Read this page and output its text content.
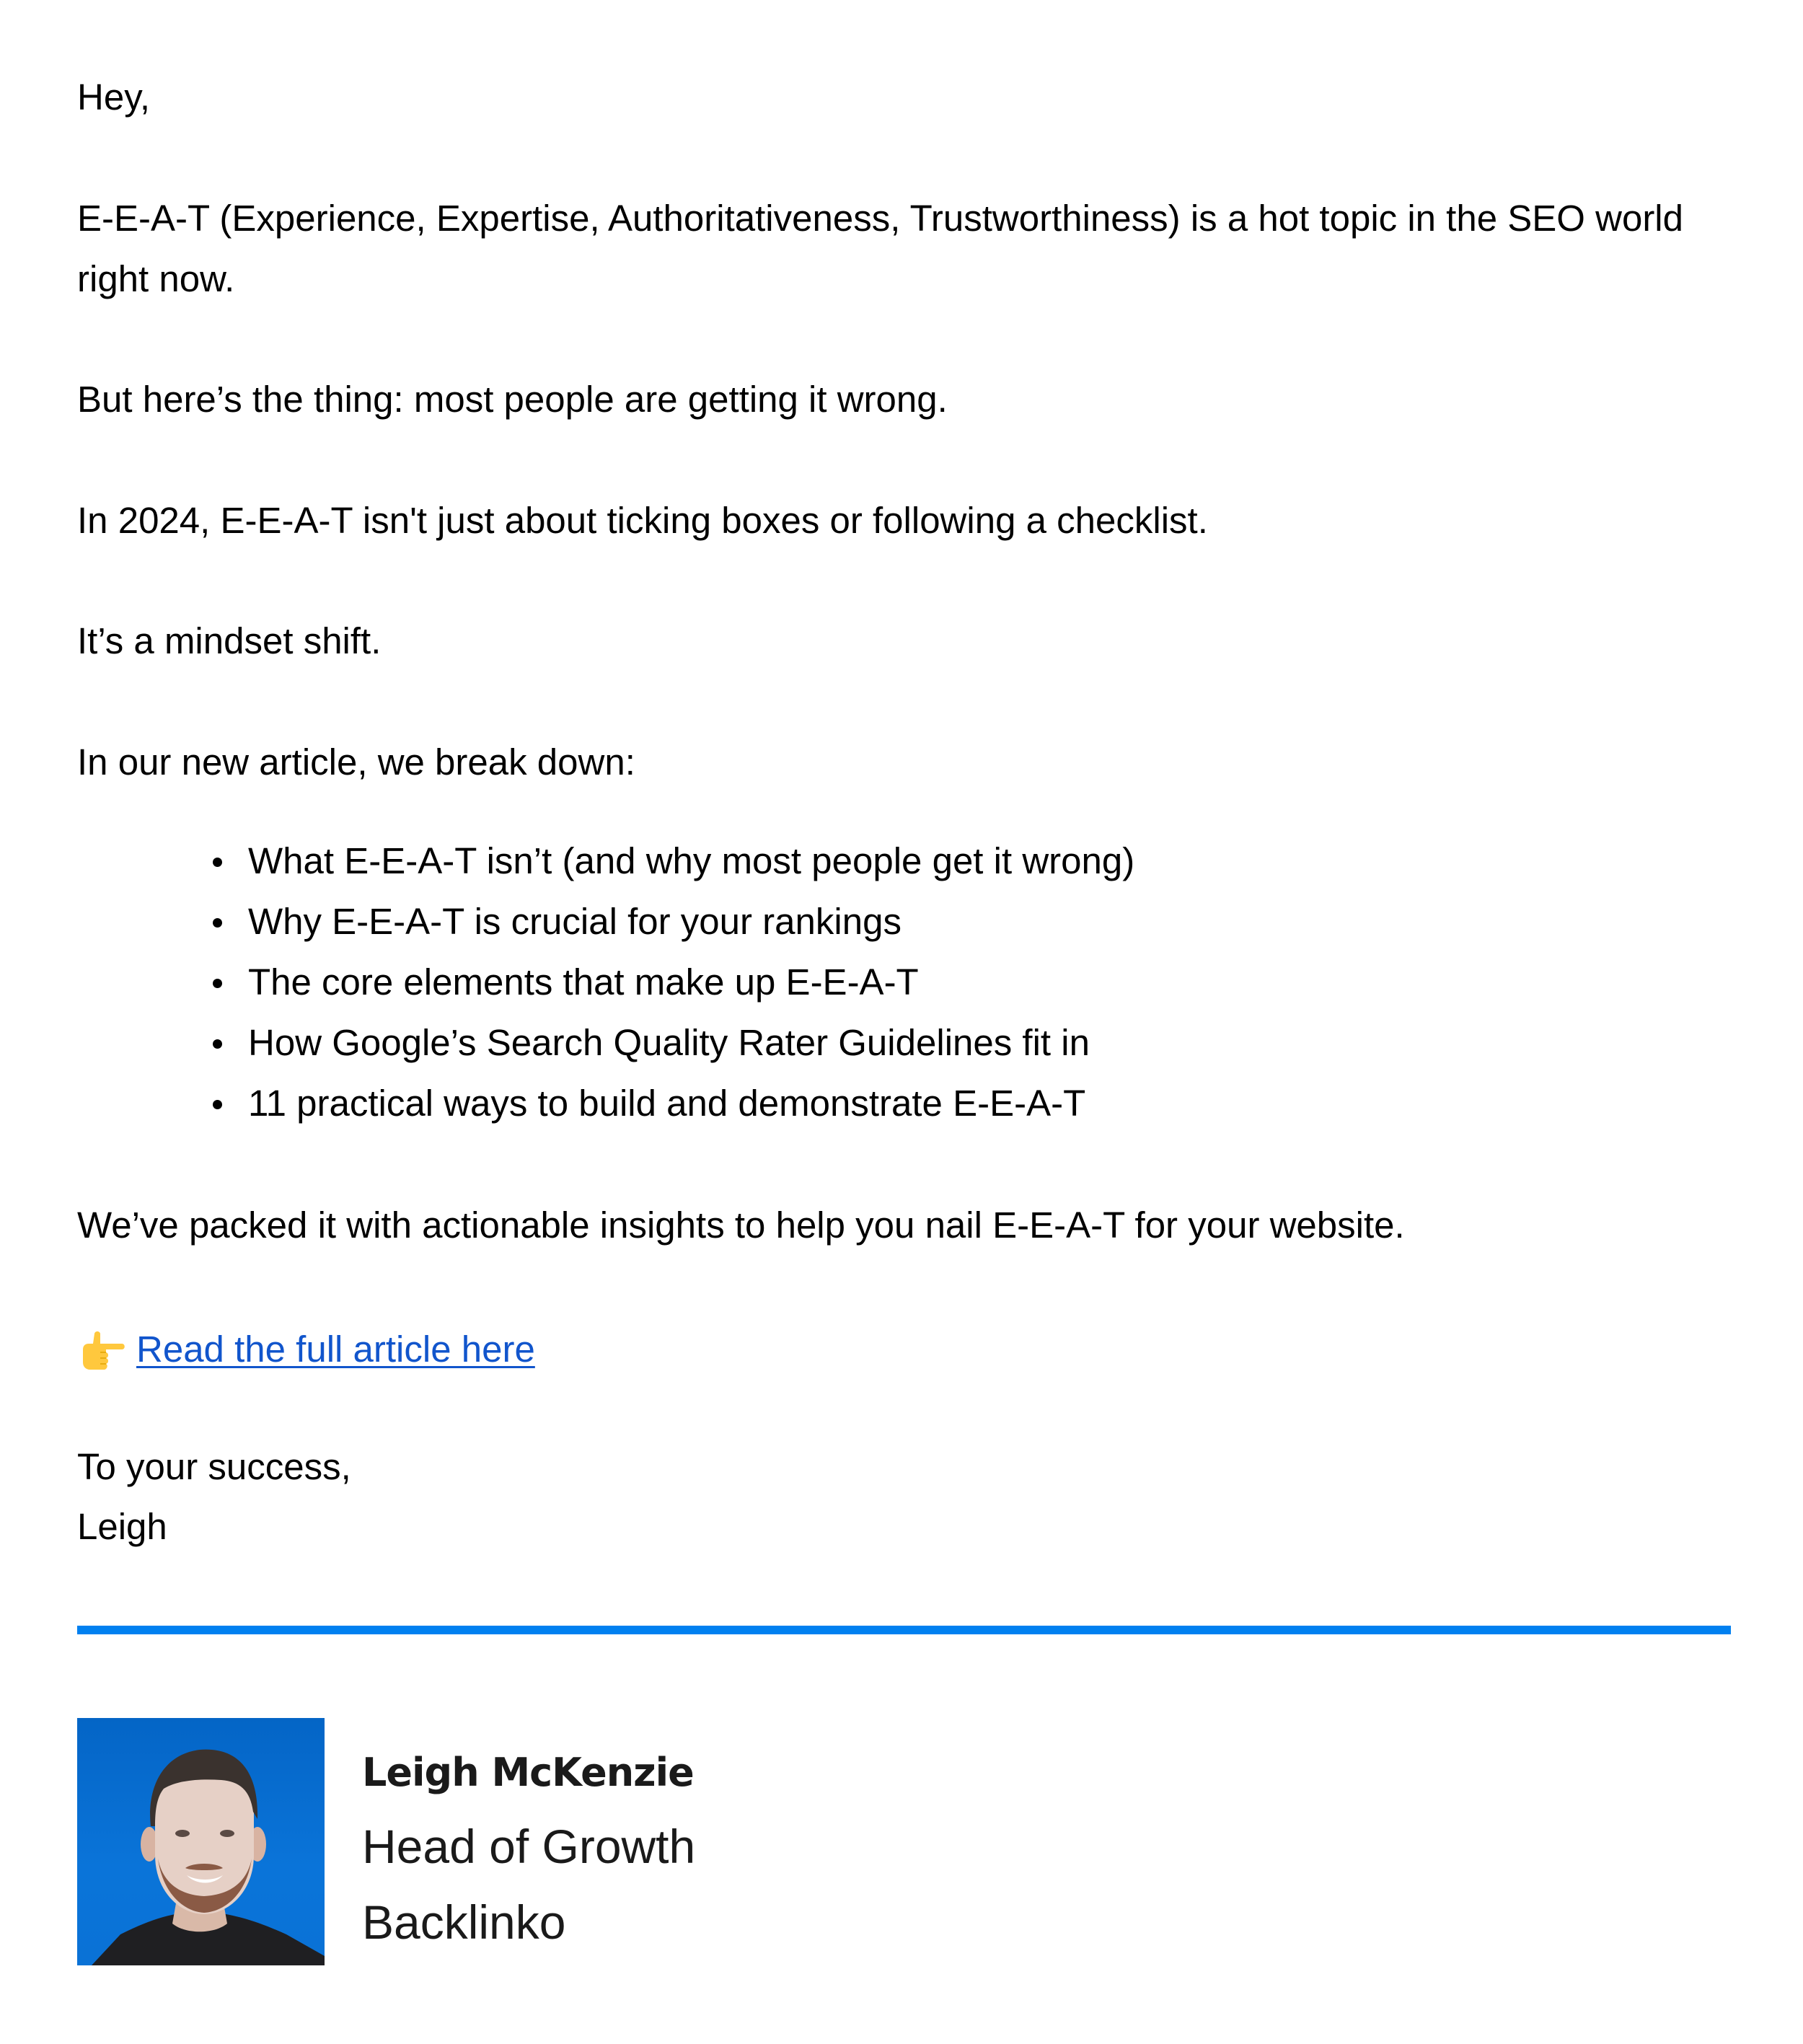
Hey,

E-E-A-T (Experience, Expertise, Authoritativeness, Trustworthiness) is a hot topic in the SEO world right now.

But here’s the thing: most people are getting it wrong.

In 2024, E-E-A-T isn't just about ticking boxes or following a checklist.

It’s a mindset shift.

In our new article, we break down:

What E-E-A-T isn’t (and why most people get it wrong)
Why E-E-A-T is crucial for your rankings
The core elements that make up E-E-A-T
How Google’s Search Quality Rater Guidelines fit in
11 practical ways to build and demonstrate E-E-A-T

We’ve packed it with actionable insights to help you nail E-E-A-T for your website.

Read the full article here

To your success,

Leigh

Leigh McKenzie
Head of Growth
Backlinko
